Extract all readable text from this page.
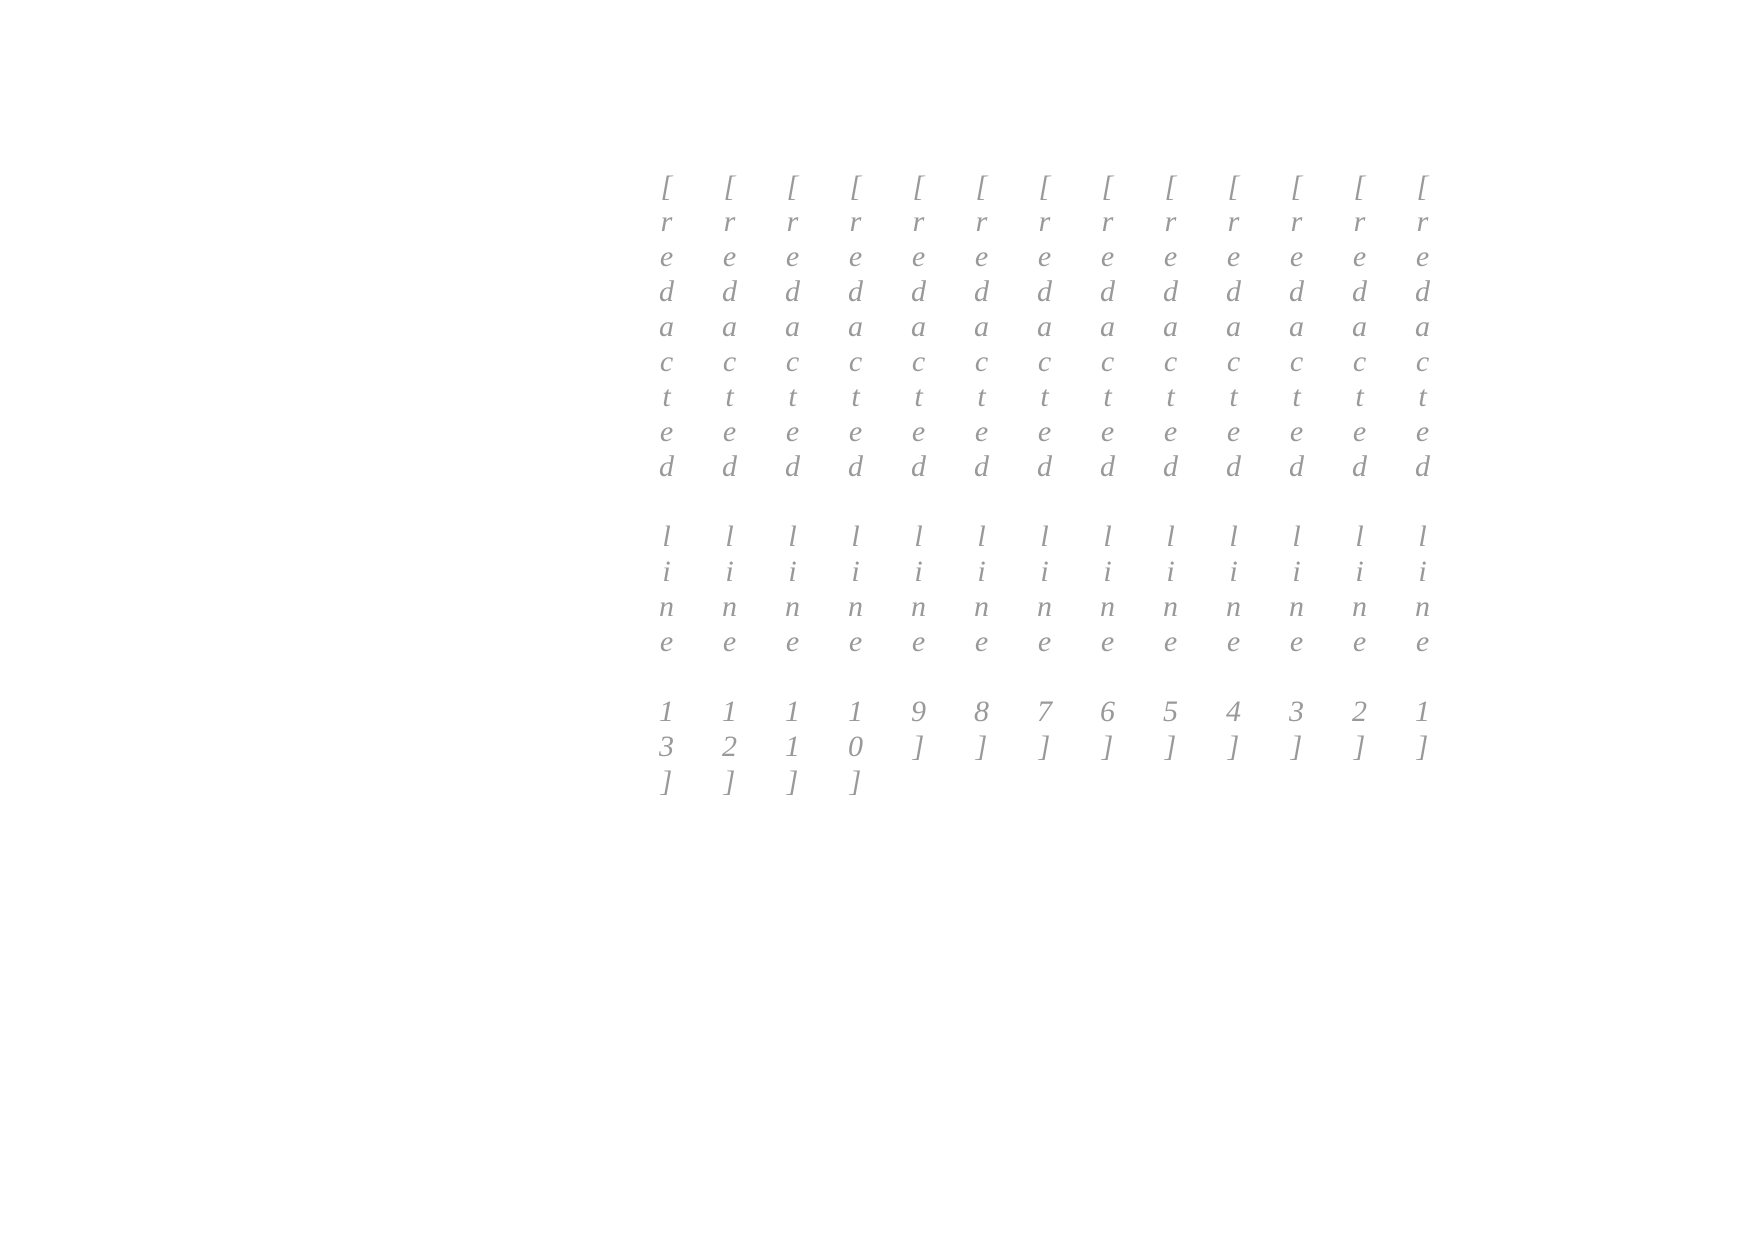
[redacted line 1]
[redacted line 2]
[redacted line 3]
[redacted line 4]
[redacted line 5]
[redacted line 6]
[redacted line 7]
[redacted line 8]
[redacted line 9]
[redacted line 10]
[redacted line 11]
[redacted line 12]
[redacted line 13]
